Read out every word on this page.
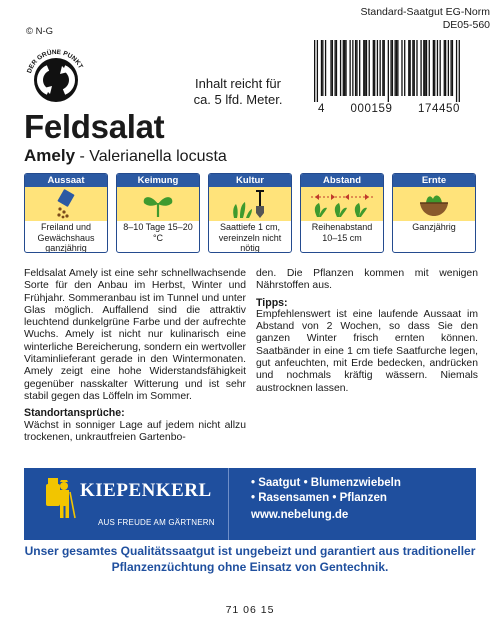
Standard-Saatgut EG-Norm
DE05-560
© N-G
DER GRÜNE PUNKT
Inhalt reicht für
ca. 5 lfd. Meter.
4 000159 174450
Feldsalat
Amely - Valerianella locusta
Aussaat
Freiland und Gewächshaus ganzjährig
Keimung
8–10 Tage 15–20 °C
Kultur
Saattiefe 1 cm, vereinzeln nicht nötig
Abstand
Reihenabstand 10–15 cm
Ernte
Ganzjährig

Feldsalat Amely ist eine sehr schnellwachsende Sorte für den Anbau im Herbst, Winter und Frühjahr. Sommeranbau ist im Tunnel und unter Glas möglich. Auffallend sind die attraktiv leuchtend dunkelgrüne Farbe und der aufrechte Wuchs. Amely ist nicht nur kulinarisch eine winterliche Bereicherung, sondern ein wertvoller Vitaminlieferant gerade in den Wintermonaten. Amely zeigt eine hohe Widerstandsfähigkeit gegenüber nasskalter Witterung und ist sehr stabil gegen das Löffeln im Sommer.

Standortansprüche:

Wächst in sonniger Lage auf jedem nicht allzu trockenen, unkrautfreien Gartenbo-

den. Die Pflanzen kommen mit wenigen Nährstoffen aus.

Tipps:

Empfehlenswert ist eine laufende Aussaat im Abstand von 2 Wochen, so dass Sie den ganzen Winter frisch ernten können. Saatbänder in eine 1 cm tiefe Saatfurche legen, gut anfeuchten, mit Erde bedecken, andrücken und nochmals kräftig wässern. Niemals austrocknen lassen.

KIEPENKERL
AUS FREUDE AM GÄRTNERN
• Saatgut • Blumenzwiebeln
• Rasensamen • Pflanzen
www.nebelung.de
Unser gesamtes Qualitätssaatgut ist ungebeizt und garantiert aus traditioneller Pflanzenzüchtung ohne Einsatz von Gentechnik.
71 06 15
